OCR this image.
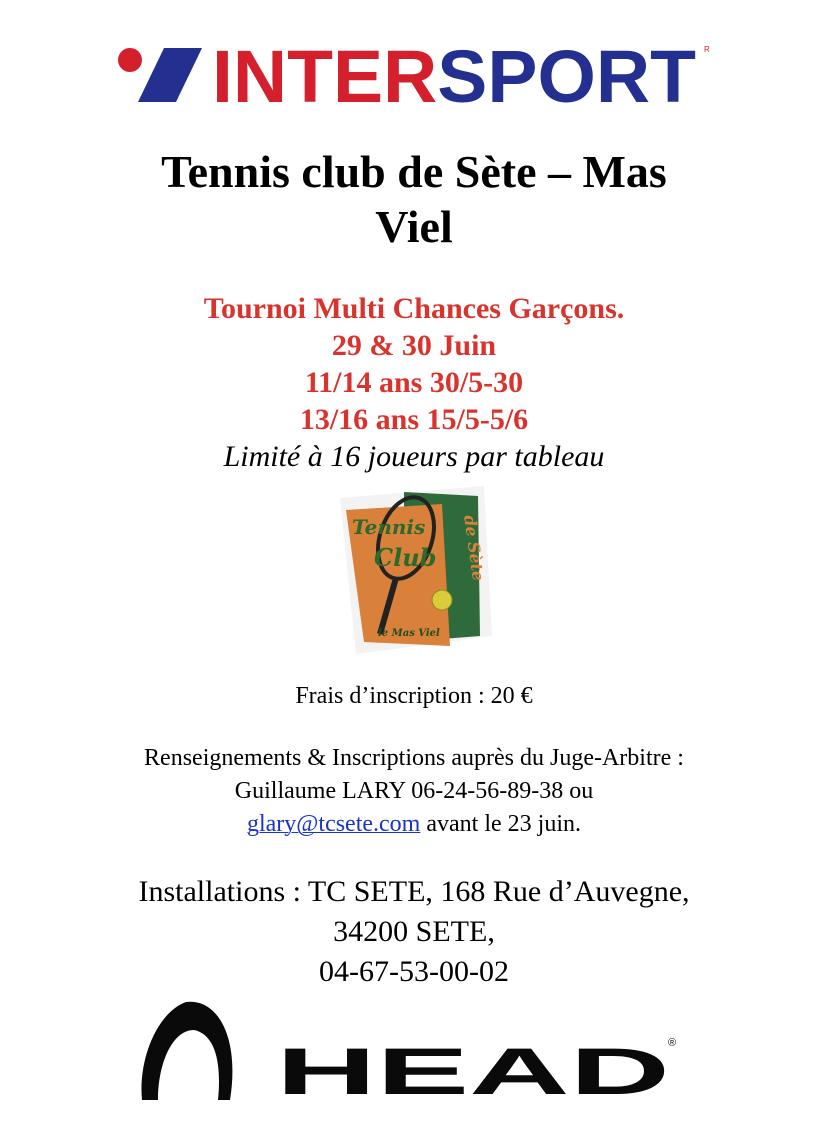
INTERSPORT	R
Tennis club de Sète – Mas
Viel
Tournoi Multi Chances Garçons.
29 & 30 Juin
11/14 ans 30/5-30
13/16 ans 15/5-5/6
Limité à 16 joueurs par tableau
Tennis
Club de Sète
le Mas Viel
Frais d’inscription : 20 €
Renseignements & Inscriptions auprès du Juge-Arbitre :
Guillaume LARY 06-24-56-89-38 ou
glary@tcsete.com avant le 23 juin.
Installations : TC SETE, 168 Rue d’Auvegne,
34200 SETE,
04-67-53-00-02
HEAD
®
